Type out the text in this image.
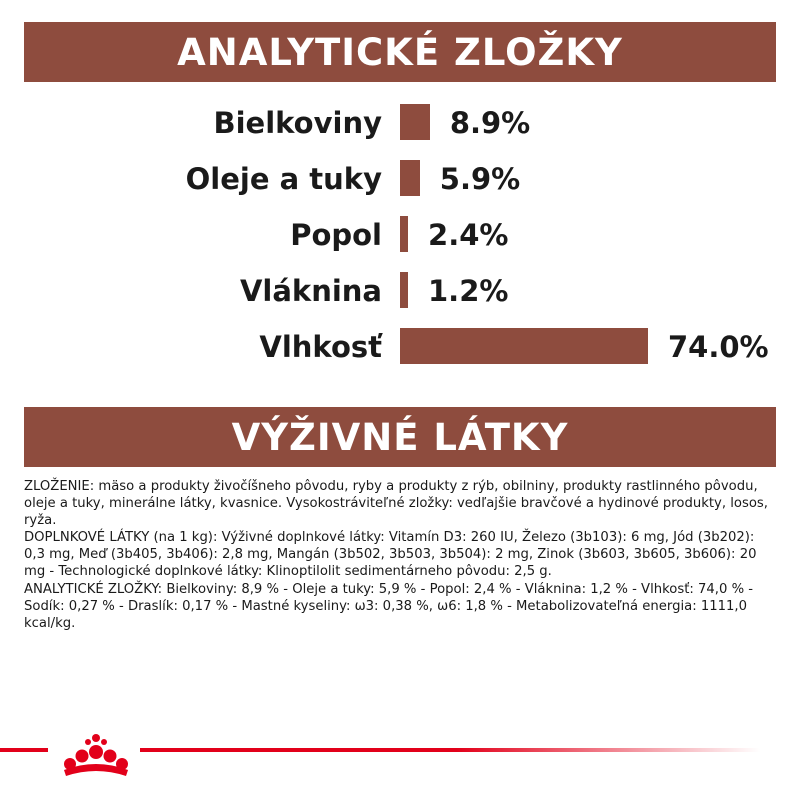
ANALYTICKÉ ZLOŽKY
Bielkoviny 8.9%
Oleje a tuky 5.9%
Popol 2.4%
Vláknina 1.2%
Vlhkosť	74.0%
VÝŽIVNÉ LÁTKY

ZLOŽENIE: mäso a produkty živočíšneho pôvodu, ryby a produkty z rýb, obilniny, produkty rastlinného pôvodu, oleje a tuky, minerálne látky, kvasnice. Vysokostráviteľné zložky: vedľajšie bravčové a hydinové produkty, losos, ryža.

DOPLNKOVÉ LÁTKY (na 1 kg): Výživné doplnkové látky: Vitamín D3: 260 IU, Železo (3b103): 6 mg, Jód (3b202): 0,3 mg, Meď (3b405, 3b406): 2,8 mg, Mangán (3b502, 3b503, 3b504): 2 mg, Zinok (3b603, 3b605, 3b606): 20 mg - Technologické doplnkové látky: Klinoptilolit sedimentárneho pôvodu: 2,5 g.

ANALYTICKÉ ZLOŽKY: Bielkoviny: 8,9 % - Oleje a tuky: 5,9 % - Popol: 2,4 % - Vláknina: 1,2 % - Vlhkosť: 74,0 % - Sodík: 0,27 % - Draslík: 0,17 % - Mastné kyseliny: ω3: 0,38 %, ω6: 1,8 % - Metabolizovateľná energia: 1111,0 kcal/kg.
